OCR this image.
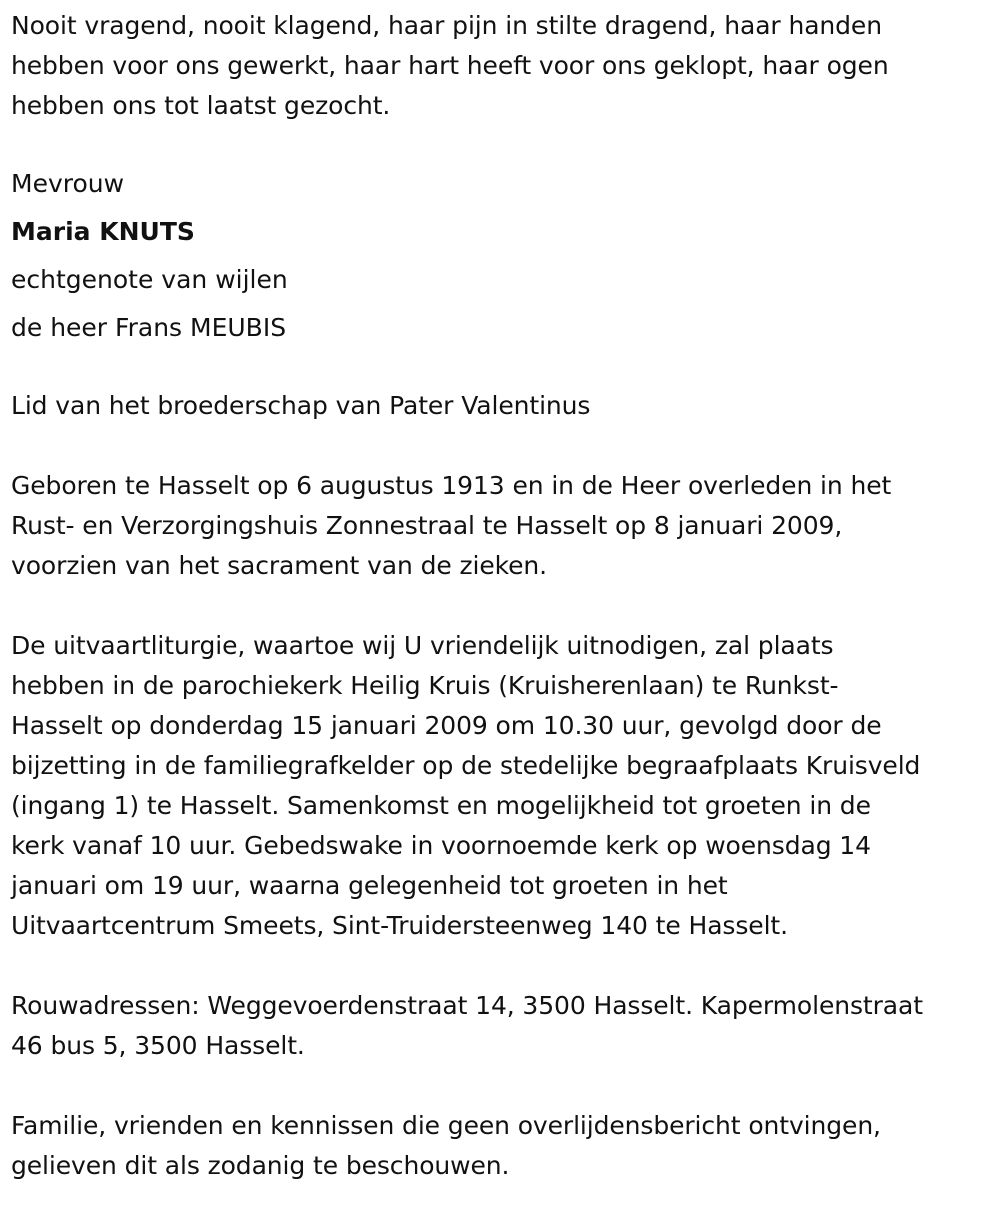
Nooit vragend, nooit klagend, haar pijn in stilte dragend, haar handen
hebben voor ons gewerkt, haar hart heeft voor ons geklopt, haar ogen
hebben ons tot laatst gezocht.
Mevrouw
Maria KNUTS
echtgenote van wijlen
de heer Frans MEUBIS
Lid van het broederschap van Pater Valentinus
Geboren te Hasselt op 6 augustus 1913 en in de Heer overleden in het
Rust- en Verzorgingshuis Zonnestraal te Hasselt op 8 januari 2009,
voorzien van het sacrament van de zieken.
De uitvaartliturgie, waartoe wij U vriendelijk uitnodigen, zal plaats
hebben in de parochiekerk Heilig Kruis (Kruisherenlaan) te Runkst-
Hasselt op donderdag 15 januari 2009 om 10.30 uur, gevolgd door de
bijzetting in de familiegrafkelder op de stedelijke begraafplaats Kruisveld
(ingang 1) te Hasselt. Samenkomst en mogelijkheid tot groeten in de
kerk vanaf 10 uur. Gebedswake in voornoemde kerk op woensdag 14
januari om 19 uur, waarna gelegenheid tot groeten in het
Uitvaartcentrum Smeets, Sint-Truidersteenweg 140 te Hasselt.
Rouwadressen: Weggevoerdenstraat 14, 3500 Hasselt. Kapermolenstraat
46 bus 5, 3500 Hasselt.
Familie, vrienden en kennissen die geen overlijdensbericht ontvingen,
gelieven dit als zodanig te beschouwen.
